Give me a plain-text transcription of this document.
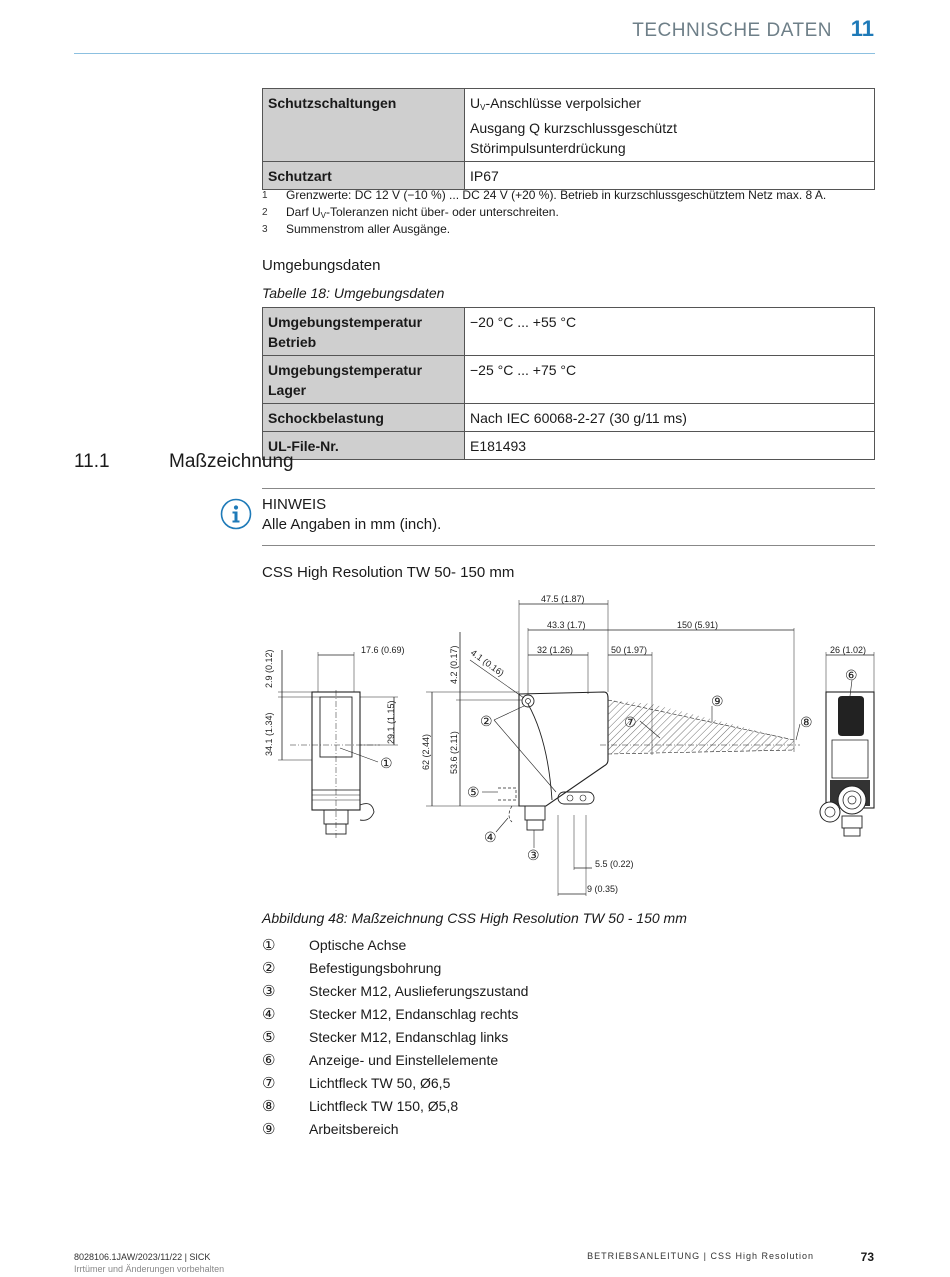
TECHNISCHE DATEN 11
Schutzschaltungen	$U_V$-Anschlüsse verpolsicher
Ausgang Q kurzschlussgeschützt
Störimpulsunterdrückung

Schutzart	IP67
1 Grenzwerte: DC 12 V (−10 %) ... DC 24 V (+20 %). Betrieb in kurzschlussgeschütztem Netz max. 8 A.
2 Darf $U_V$-Toleranzen nicht über- oder unterschreiten.
3 Summenstrom aller Ausgänge.
Umgebungsdaten
Tabelle 18: Umgebungsdaten
Umgebungstemperatur Betrieb	−20 °C ... +55 °C
Umgebungstemperatur Lager	−25 °C ... +75 °C
Schockbelastung	Nach IEC 60068-2-27 (30 g/11 ms)
UL-File-Nr.	E181493
11.1	Maßzeichnung
HINWEIS
Alle Angaben in mm (inch).
CSS High Resolution TW 50- 150 mm
17.6 (0.69)
2.9 (0.12)
34.1 (1.34)	29.1 (1.15)
①
47.5 (1.87)
43.3 (1.7)	150 (5.91)
32 (1.26)	50 (1.97)
4.2 (0.17) 4.1 (0.16)
62 (2.44) 53.6 (2.11)
5.5 (0.22)
9 (0.35)
②
③
④
⑤
⑦	⑧
⑨
26 (1.02)
⑥
Abbildung 48: Maßzeichnung CSS High Resolution TW 50 - 150 mm
① Optische Achse
② Befestigungsbohrung
③ Stecker M12, Auslieferungszustand
④ Stecker M12, Endanschlag rechts
⑤ Stecker M12, Endanschlag links
⑥ Anzeige- und Einstellelemente
⑦ Lichtfleck TW 50, Ø6,5
⑧ Lichtfleck TW 150, Ø5,8
⑨ Arbeitsbereich
8028106.1JAW/2023/11/22 | SICK
Irrtümer und Änderungen vorbehalten
BETRIEBSANLEITUNG | CSS High Resolution	73
